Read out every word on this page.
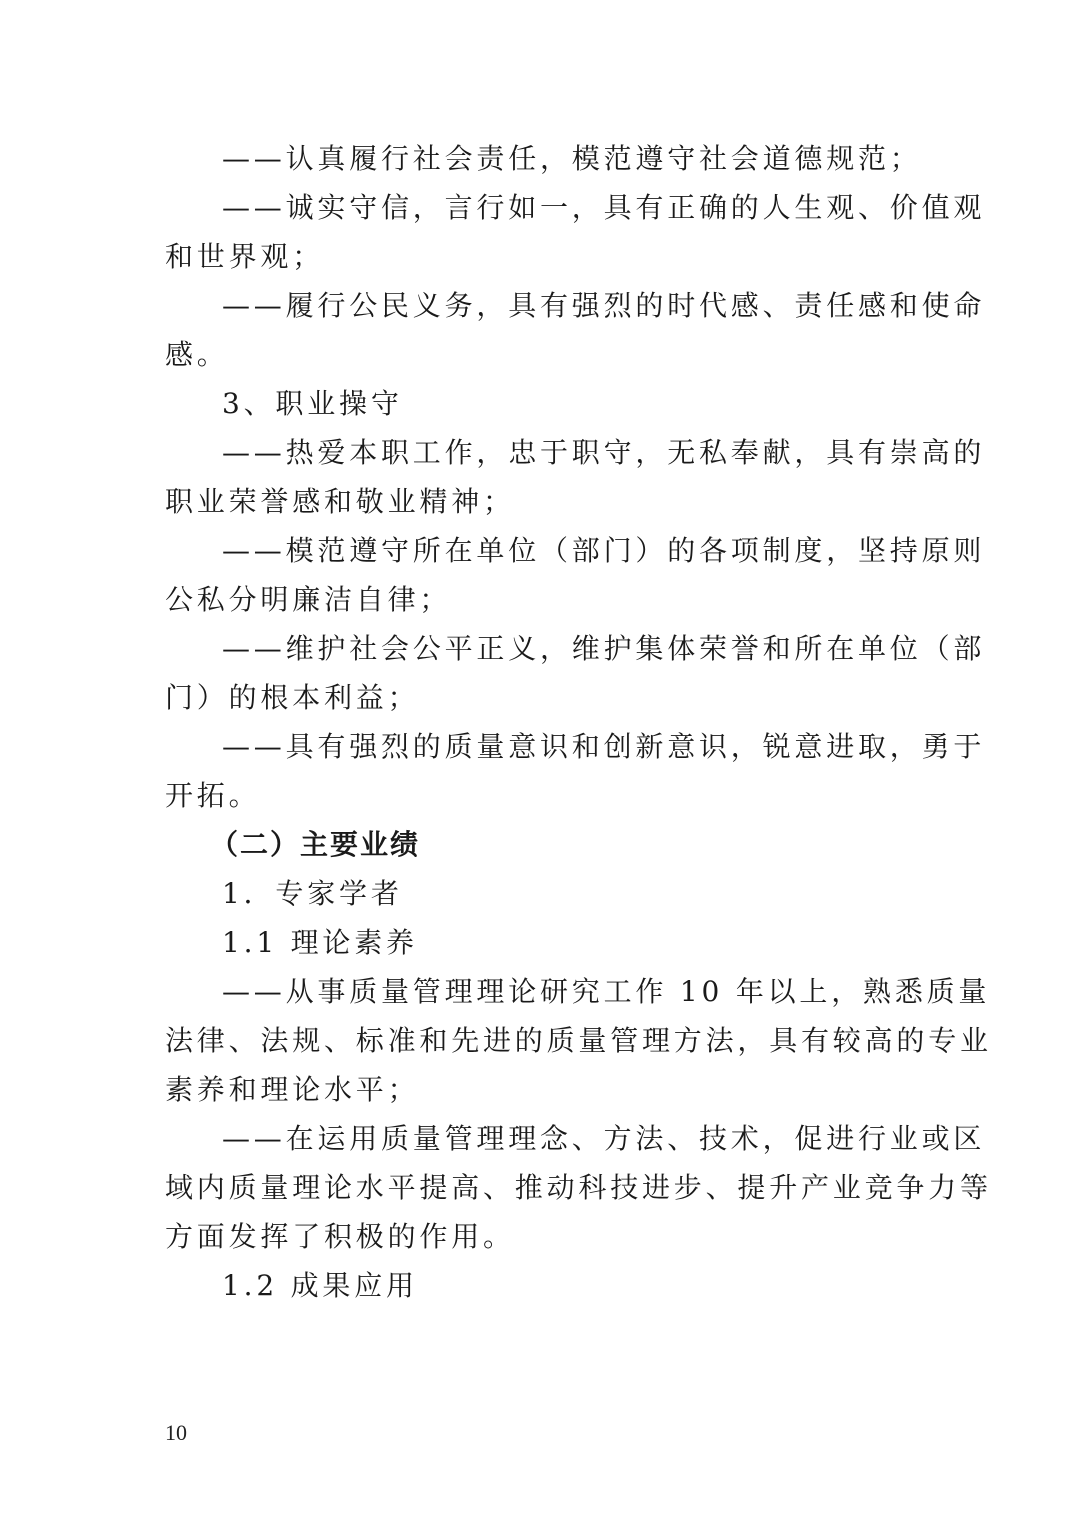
——认真履行社会责任，模范遵守社会道德规范；
——诚实守信，言行如一，具有正确的人生观、价值观
和世界观；
——履行公民义务，具有强烈的时代感、责任感和使命
感。
3、职业操守
——热爱本职工作，忠于职守，无私奉献，具有崇高的
职业荣誉感和敬业精神；
——模范遵守所在单位（部门）的各项制度，坚持原则
公私分明廉洁自律；
——维护社会公平正义，维护集体荣誉和所在单位（部
门）的根本利益；
——具有强烈的质量意识和创新意识，锐意进取，勇于
开拓。
（二）主要业绩
1．专家学者
1.1 理论素养
——从事质量管理理论研究工作 10 年以上，熟悉质量
法律、法规、标准和先进的质量管理方法，具有较高的专业
素养和理论水平；
——在运用质量管理理念、方法、技术，促进行业或区
域内质量理论水平提高、推动科技进步、提升产业竞争力等
方面发挥了积极的作用。
1.2 成果应用
10
